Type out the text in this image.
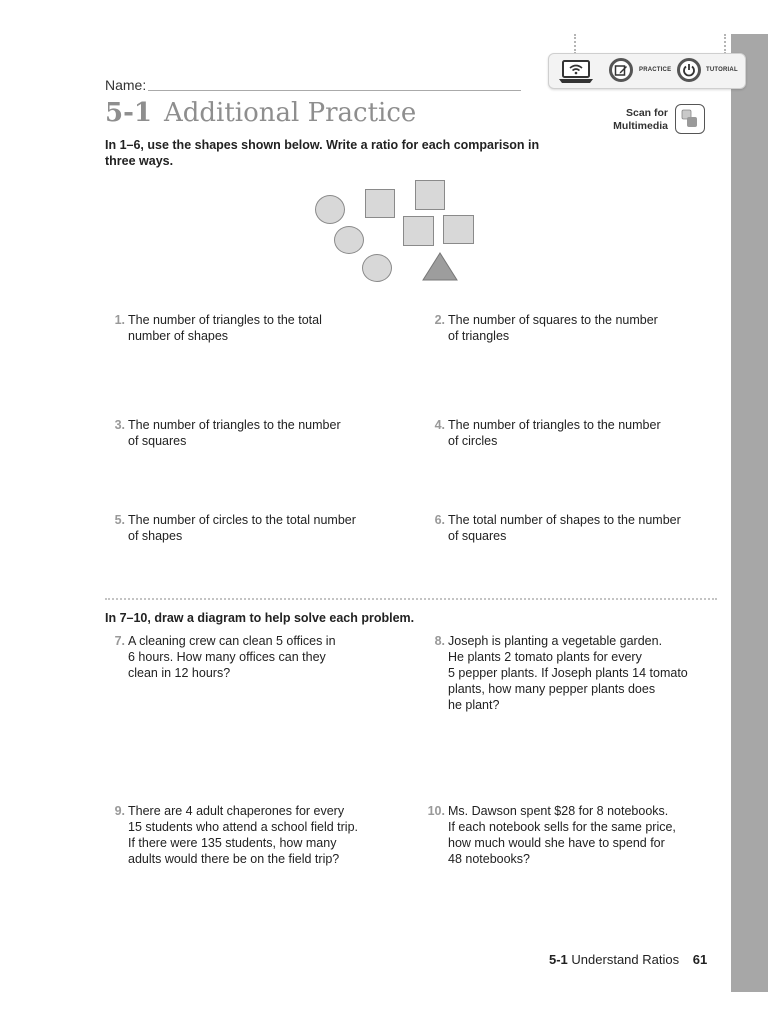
PRACTICE	TUTORIAL
Name:
5-1 Additional Practice	Scan for
Multimedia
In 1–6, use the shapes shown below. Write a ratio for each comparison in three ways.
1. The number of triangles to the total
number of shapes
2. The number of squares to the number
of triangles
3. The number of triangles to the number
of squares
4. The number of triangles to the number
of circles
5. The number of circles to the total number
of shapes
6. The total number of shapes to the number
of squares
In 7–10, draw a diagram to help solve each problem.
7. A cleaning crew can clean 5 offices in
6 hours. How many offices can they
clean in 12 hours?
8. Joseph is planting a vegetable garden.
He plants 2 tomato plants for every
5 pepper plants. If Joseph plants 14 tomato
plants, how many pepper plants does
he plant?
9. There are 4 adult chaperones for every
15 students who attend a school field trip.
If there were 135 students, how many
adults would there be on the field trip?
10. Ms. Dawson spent $28 for 8 notebooks.
If each notebook sells for the same price,
how much would she have to spend for
48 notebooks?
5-1 Understand Ratios 61
